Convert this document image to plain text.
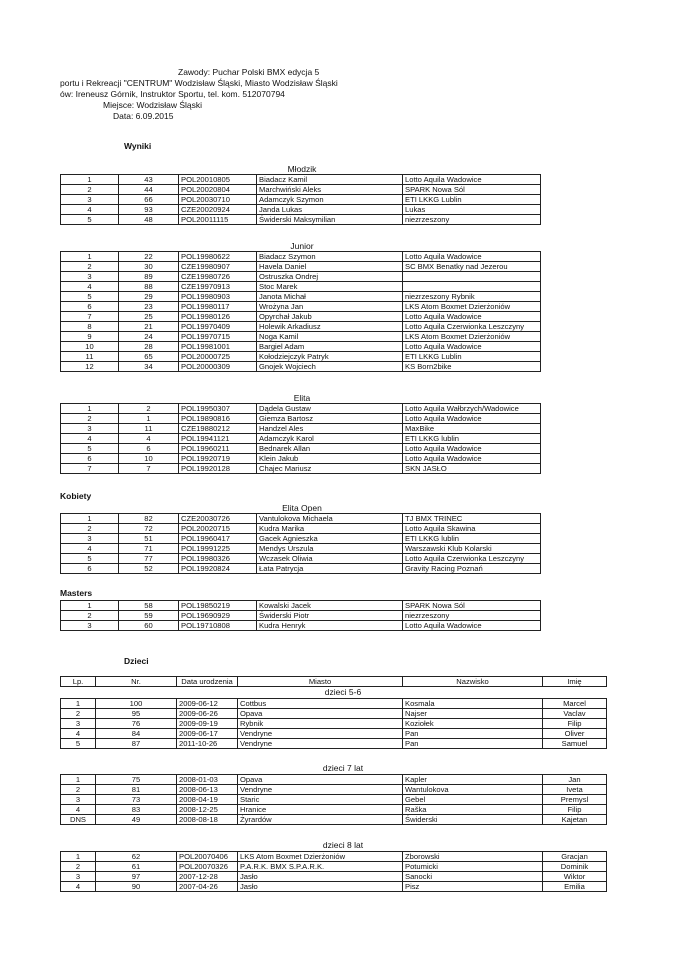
Zawody: Puchar Polski BMX edycja 5
portu i Rekreacji "CENTRUM" Wodzisław Śląski, Miasto Wodzisław Śląski
ów: Ireneusz Górnik, Instruktor Sportu, tel. kom. 512070794
Miejsce: Wodzisław Śląski
Data: 6.09.2015
Wyniki
Kobiety
Masters
Dzieci
Młodzik
1	43	POL20010805	Biadacz Kamil	Lotto Aquila Wadowice
2	44	POL20020804	Marchwiński Aleks	SPARK Nowa Sól
3	66	POL20030710	Adamczyk Szymon	ETI LKKG Lublin
4	93	CZE20020924	Janda Lukas	Lukas
5	48	POL20011115	Świderski Maksymilian	niezrzeszony
Junior
1	22	POL19980622	Biadacz Szymon	Lotto Aquila Wadowice
2	30	CZE19980907	Havela Daniel	SC BMX Benatky nad Jezerou
3	89	CZE19980726	Ostruszka Ondrej	
4	88	CZE19970913	Stoc Marek	
5	29	POL19980903	Janota Michał	niezrzeszony Rybnik
6	23	POL19980117	Wrożyna Jan	LKS Atom Boxmet Dzierżoniów
7	25	POL19980126	Opyrchał Jakub	Lotto Aquila Wadowice
8	21	POL19970409	Holewik Arkadiusz	Lotto Aquila Czerwionka Leszczyny
9	24	POL19970715	Noga Kamil	LKS Atom Boxmet Dzierżoniów
10	28	POL19981001	Bargiel Adam	Lotto Aquila Wadowice
11	65	POL20000725	Kołodziejczyk Patryk	ETI LKKG Lublin
12	34	POL20000309	Gnojek Wojciech	KS Born2bike
Elita
1	2	POL19950307	Dądela Gustaw	Lotto Aquila Wałbrzych/Wadowice
2	1	POL19890816	Giemza Bartosz	Lotto Aquila Wadowice
3	11	CZE19880212	Handzel Ales	MaxBike
4	4	POL19941121	Adamczyk Karol	ETI LKKG lublin
5	6	POL19960211	Bednarek Allan	Lotto Aquila Wadowice
6	10	POL19920719	Klein Jakub	Lotto Aquila Wadowice
7	7	POL19920128	Chajec Mariusz	SKN JASŁO
Elita Open
1	82	CZE20030726	Vantulokova Michaela	TJ BMX TRINEC
2	72	POL20020715	Kudra Marika	Lotto Aquila Skawina
3	51	POL19960417	Gacek Agnieszka	ETI LKKG lublin
4	71	POL19991225	Mendys Urszula	Warszawski Klub Kolarski
5	77	POL19980326	Wczasek Oliwia	Lotto Aquila Czerwionka Leszczyny
6	52	POL19920824	Łata Patrycja	Gravity Racing Poznań
1	58	POL19850219	Kowalski Jacek	SPARK Nowa Sól
2	59	POL19690929	Świderski Piotr	niezrzeszony
3	60	POL19710808	Kudra Henryk	Lotto Aquila Wadowice
Lp.	Nr.	Data urodzenia	Miasto	Nazwisko	Imię
dzieci 5-6
1	100	2009-06-12	Cottbus	Kosmala	Marcel
2	95	2009-06-26	Opava	Najser	Vaclav
3	76	2009-09-19	Rybnik	Koziołek	Filip
4	84	2009-06-17	Vendryne	Pan	Oliver
5	87	2011-10-26	Vendryne	Pan	Samuel
dzieci 7 lat
1	75	2008-01-03	Opava	Kapler	Jan
2	81	2008-06-13	Vendryne	Wantulokova	Iveta
3	73	2008-04-19	Staric	Gebel	Premysl
4	83	2008-12-25	Hranice	Raška	Filip
DNS	49	2008-08-18	Żyrardów	Świderski	Kajetan
dzieci 8 lat
1	62	POL20070406	LKS Atom Boxmet Dzierżoniów	Zborowski	Gracjan
2	61	POL20070326	P.A.R.K. BMX S.P.A.R.K.	Potumicki	Dominik
3	97	2007-12-28	Jasło	Sanocki	Wiktor
4	90	2007-04-26	Jasło	Pisz	Emilia
